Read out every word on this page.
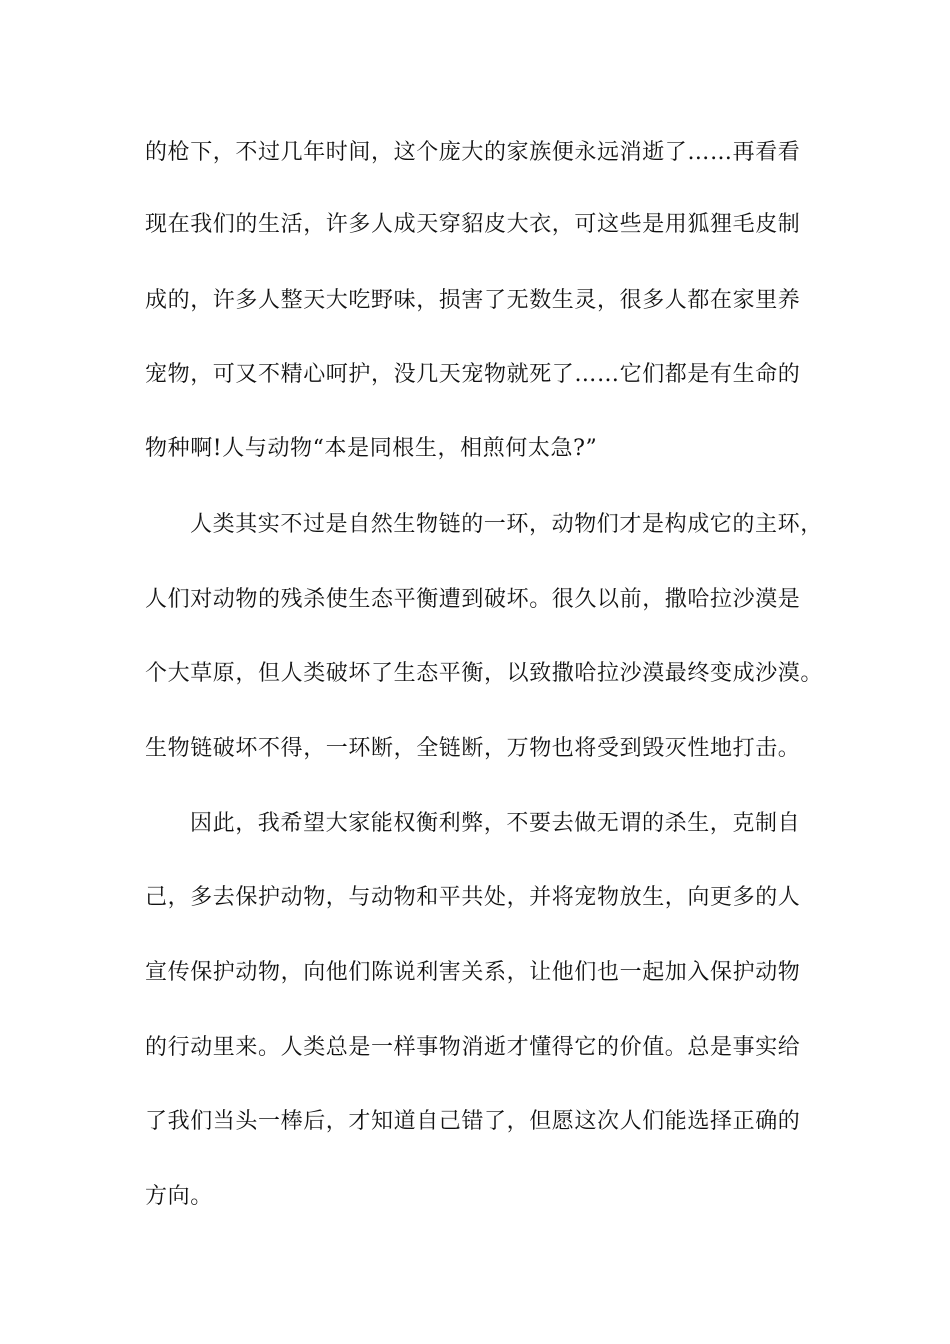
的枪下，不过几年时间，这个庞大的家族便永远消逝了……再看看
现在我们的生活，许多人成天穿貂皮大衣，可这些是用狐狸毛皮制
成的，许多人整天大吃野味，损害了无数生灵，很多人都在家里养
宠物，可又不精心呵护，没几天宠物就死了……它们都是有生命的
物种啊!人与动物“本是同根生，相煎何太急?”
人类其实不过是自然生物链的一环，动物们才是构成它的主环，
人们对动物的残杀使生态平衡遭到破坏。很久以前，撒哈拉沙漠是
个大草原，但人类破坏了生态平衡，以致撒哈拉沙漠最终变成沙漠。
生物链破坏不得，一环断，全链断，万物也将受到毁灭性地打击。
因此，我希望大家能权衡利弊，不要去做无谓的杀生，克制自
己，多去保护动物，与动物和平共处，并将宠物放生，向更多的人
宣传保护动物，向他们陈说利害关系，让他们也一起加入保护动物
的行动里来。人类总是一样事物消逝才懂得它的价值。总是事实给
了我们当头一棒后，才知道自己错了，但愿这次人们能选择正确的
方向。
